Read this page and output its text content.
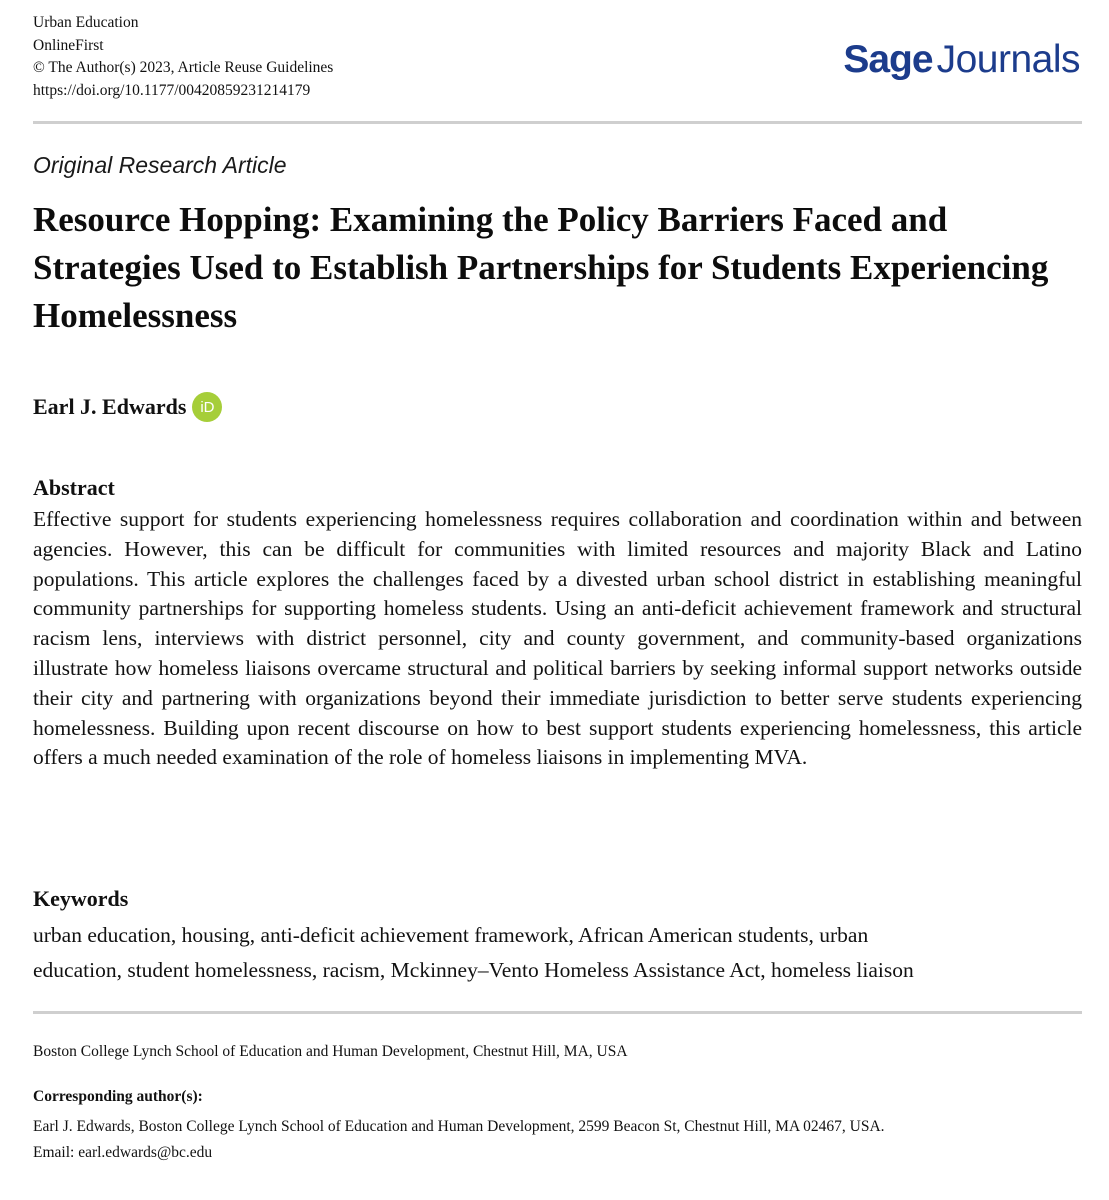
Urban Education
OnlineFirst
© The Author(s) 2023, Article Reuse Guidelines
https://doi.org/10.1177/00420859231214179
Sage Journals
Original Research Article
Resource Hopping: Examining the Policy Barriers Faced and Strategies Used to Establish Partnerships for Students Experiencing Homelessness
Earl J. Edwards iD
Abstract

Effective support for students experiencing homelessness requires collaboration and coordination within and between agencies. However, this can be difficult for communities with limited resources and majority Black and Latino populations. This article explores the challenges faced by a divested urban school district in establishing meaningful community partnerships for supporting homeless students. Using an anti-deficit achievement framework and structural racism lens, interviews with district personnel, city and county government, and community-based organizations illustrate how homeless liaisons overcame structural and political barriers by seeking informal support networks outside their city and partnering with organizations beyond their immediate jurisdiction to better serve students experiencing homelessness. Building upon recent discourse on how to best support students experiencing homelessness, this article offers a much needed examination of the role of homeless liaisons in implementing MVA.

Keywords

urban education, housing, anti-deficit achievement framework, African American students, urban
education, student homelessness, racism, Mckinney–Vento Homeless Assistance Act, homeless liaison

Boston College Lynch School of Education and Human Development, Chestnut Hill, MA, USA
Corresponding author(s):
Earl J. Edwards, Boston College Lynch School of Education and Human Development, 2599 Beacon St, Chestnut Hill, MA 02467, USA.
Email: earl.edwards@bc.edu
